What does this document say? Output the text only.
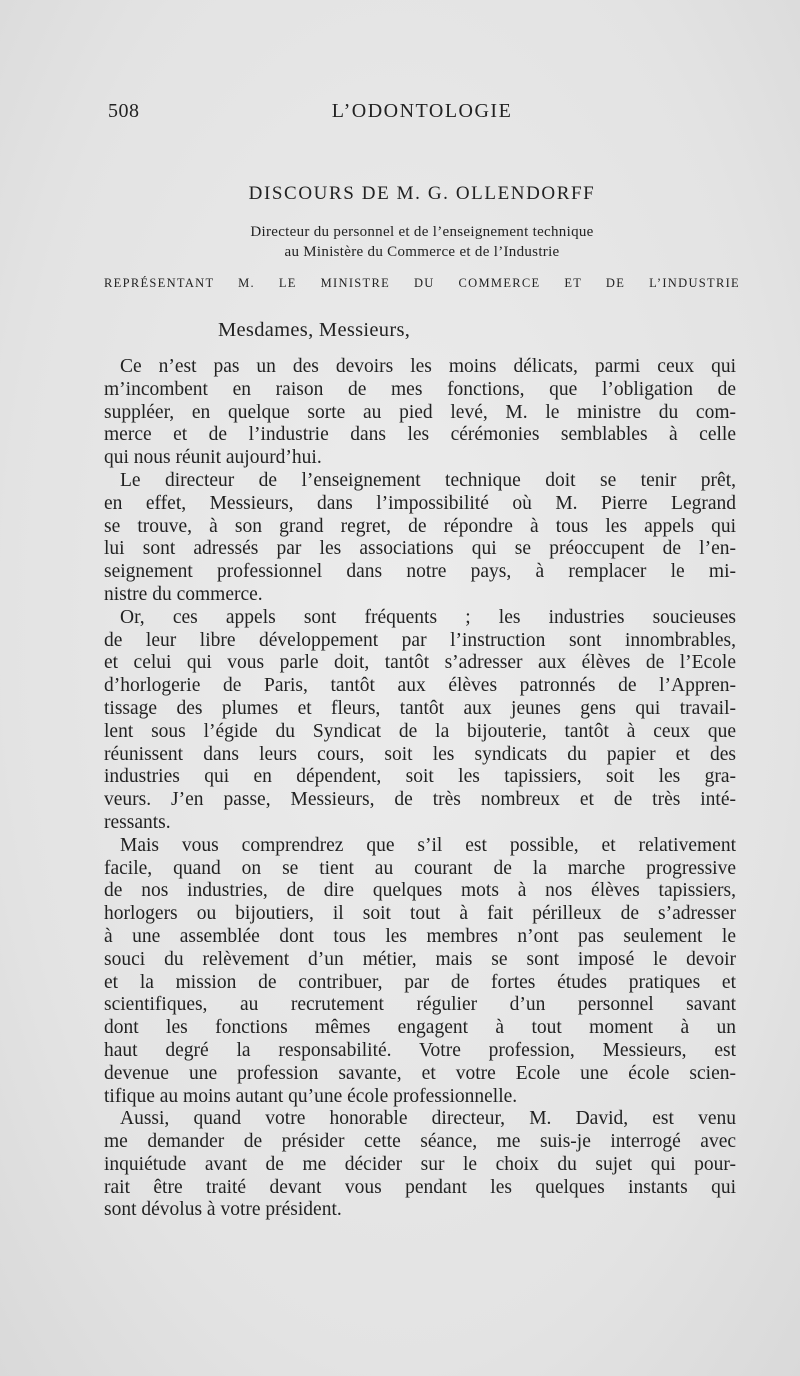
508	L’ODONTOLOGIE
DISCOURS DE M. G. OLLENDORFF
Directeur du personnel et de l’enseignement technique
au Ministère du Commerce et de l’Industrie
REPRÉSENTANT M. LE MINISTRE DU COMMERCE ET DE L’INDUSTRIE
Mesdames, Messieurs,
Ce n’est pas un des devoirs les moins délicats, parmi ceux qui
m’incombent en raison de mes fonctions, que l’obligation de
suppléer, en quelque sorte au pied levé, M. le ministre du com-
merce et de l’industrie dans les cérémonies semblables à celle
qui nous réunit aujourd’hui.
Le directeur de l’enseignement technique doit se tenir prêt,
en effet, Messieurs, dans l’impossibilité où M. Pierre Legrand
se trouve, à son grand regret, de répondre à tous les appels qui
lui sont adressés par les associations qui se préoccupent de l’en-
seignement professionnel dans notre pays, à remplacer le mi-
nistre du commerce.
Or, ces appels sont fréquents ; les industries soucieuses
de leur libre développement par l’instruction sont innombrables,
et celui qui vous parle doit, tantôt s’adresser aux élèves de l’Ecole
d’horlogerie de Paris, tantôt aux élèves patronnés de l’Appren-
tissage des plumes et fleurs, tantôt aux jeunes gens qui travail-
lent sous l’égide du Syndicat de la bijouterie, tantôt à ceux que
réunissent dans leurs cours, soit les syndicats du papier et des
industries qui en dépendent, soit les tapissiers, soit les gra-
veurs. J’en passe, Messieurs, de très nombreux et de très inté-
ressants.
Mais vous comprendrez que s’il est possible, et relativement
facile, quand on se tient au courant de la marche progressive
de nos industries, de dire quelques mots à nos élèves tapissiers,
horlogers ou bijoutiers, il soit tout à fait périlleux de s’adresser
à une assemblée dont tous les membres n’ont pas seulement le
souci du relèvement d’un métier, mais se sont imposé le devoir
et la mission de contribuer, par de fortes études pratiques et
scientifiques, au recrutement régulier d’un personnel savant
dont les fonctions mêmes engagent à tout moment à un
haut degré la responsabilité. Votre profession, Messieurs, est
devenue une profession savante, et votre Ecole une école scien-
tifique au moins autant qu’une école professionnelle.
Aussi, quand votre honorable directeur, M. David, est venu
me demander de présider cette séance, me suis-je interrogé avec
inquiétude avant de me décider sur le choix du sujet qui pour-
rait être traité devant vous pendant les quelques instants qui
sont dévolus à votre président.
